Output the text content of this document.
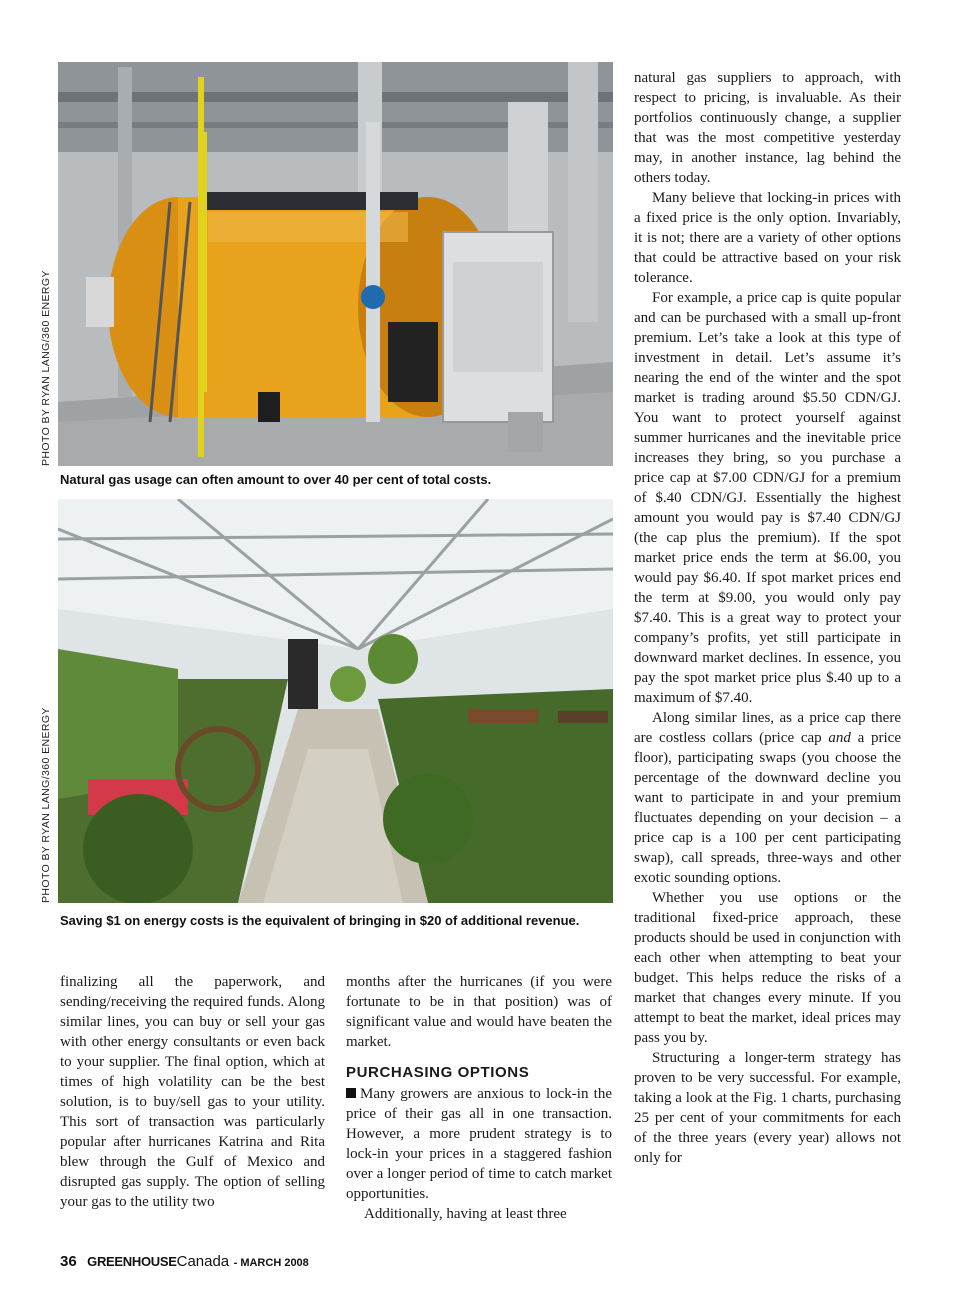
PHOTO BY RYAN LANG/360 ENERGY
Natural gas usage can often amount to over 40 per cent of total costs.
PHOTO BY RYAN LANG/360 ENERGY
Saving $1 on energy costs is the equivalent of bringing in $20 of additional revenue.

finalizing all the paperwork, and sending/receiving the required funds. Along similar lines, you can buy or sell your gas with other energy consultants or even back to your supplier. The final option, which at times of high volatility can be the best solution, is to buy/sell gas to your utility. This sort of transaction was particularly popular after hurricanes Katrina and Rita blew through the Gulf of Mexico and disrupted gas supply. The option of selling your gas to the utility two

months after the hurricanes (if you were fortunate to be in that position) was of significant value and would have beaten the market.

PURCHASING OPTIONS

Many growers are anxious to lock-in the price of their gas all in one transaction. However, a more prudent strategy is to lock-in your prices in a staggered fashion over a longer period of time to catch market opportunities.

Additionally, having at least three

natural gas suppliers to approach, with respect to pricing, is invaluable. As their portfolios continuously change, a supplier that was the most competitive yesterday may, in another instance, lag behind the others today.

Many believe that locking-in prices with a fixed price is the only option. Invariably, it is not; there are a variety of other options that could be attractive based on your risk tolerance.

For example, a price cap is quite popular and can be purchased with a small up-front premium. Let’s take a look at this type of investment in detail. Let’s assume it’s nearing the end of the winter and the spot market is trading around $5.50 CDN/GJ. You want to protect yourself against summer hurricanes and the inevitable price increases they bring, so you purchase a price cap at $7.00 CDN/GJ for a premium of $.40 CDN/GJ. Essentially the highest amount you would pay is $7.40 CDN/GJ (the cap plus the premium). If the spot market price ends the term at $6.00, you would pay $6.40. If spot market prices end the term at $9.00, you would only pay $7.40. This is a great way to protect your company’s profits, yet still participate in downward market declines. In essence, you pay the spot market price plus $.40 up to a maximum of $7.40.

Along similar lines, as a price cap there are costless collars (price cap and a price floor), participating swaps (you choose the percentage of the downward decline you want to participate in and your premium fluctuates depending on your decision – a price cap is a 100 per cent participating swap), call spreads, three-ways and other exotic sounding options.

Whether you use options or the traditional fixed-price approach, these products should be used in conjunction with each other when attempting to beat your budget. This helps reduce the risks of a market that changes every minute. If you attempt to beat the market, ideal prices may pass you by.

Structuring a longer-term strategy has proven to be very successful. For example, taking a look at the Fig. 1 charts, purchasing 25 per cent of your commitments for each of the three years (every year) allows not only for

36 GREENHOUSECanada - MARCH 2008
